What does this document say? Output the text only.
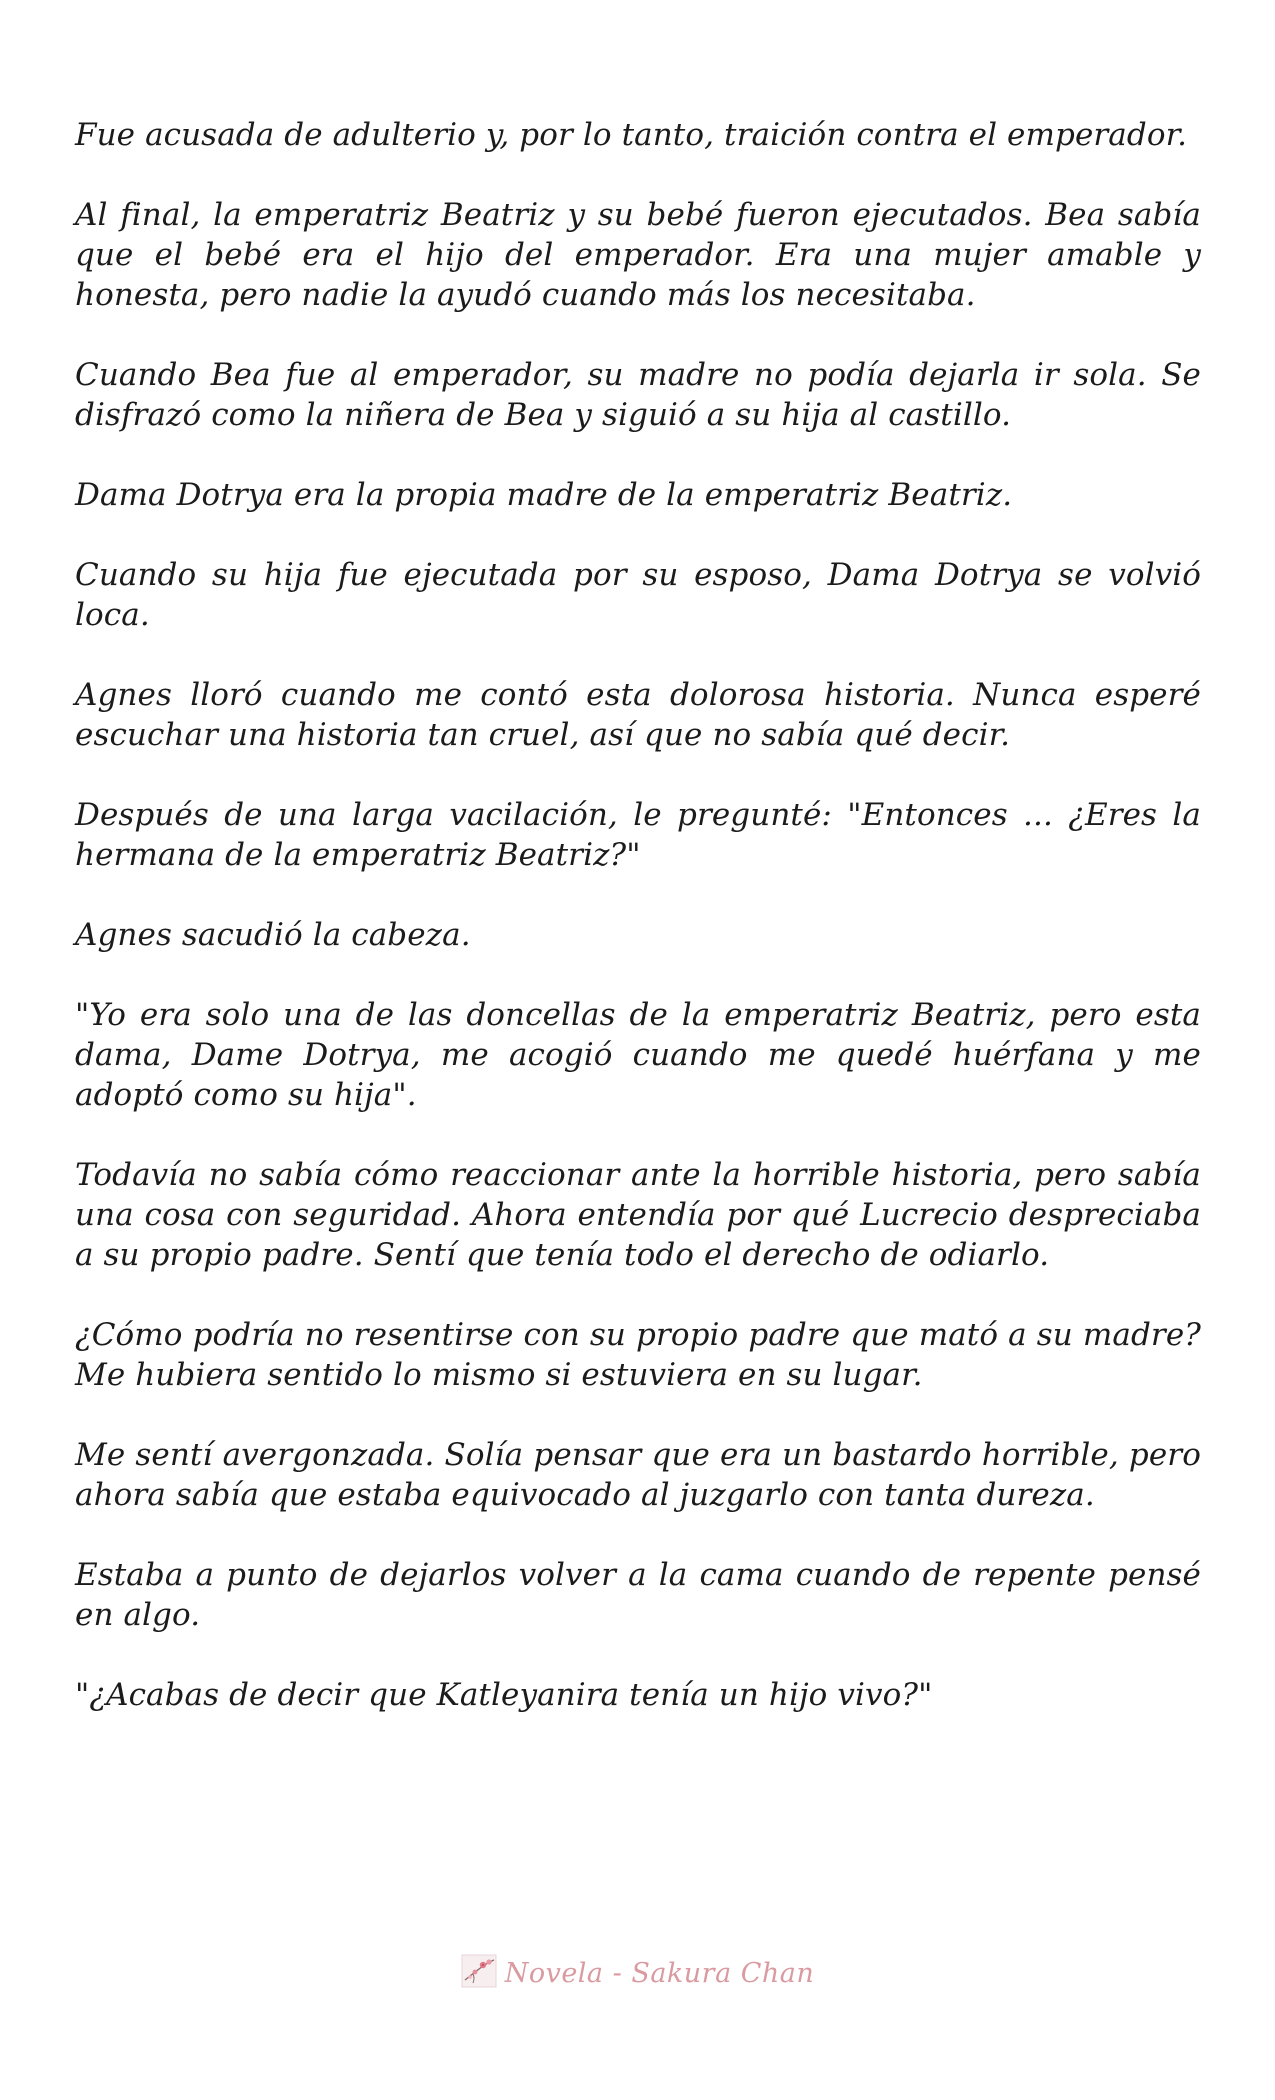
Fue acusada de adulterio y, por lo tanto, traición contra el emperador.

Al final, la emperatriz Beatriz y su bebé fueron ejecutados. Bea sabía que el bebé era el hijo del emperador. Era una mujer amable y honesta, pero nadie la ayudó cuando más los necesitaba.

Cuando Bea fue al emperador, su madre no podía dejarla ir sola. Se disfrazó como la niñera de Bea y siguió a su hija al castillo.

Dama Dotrya era la propia madre de la emperatriz Beatriz.

Cuando su hija fue ejecutada por su esposo, Dama Dotrya se volvió loca.

Agnes lloró cuando me contó esta dolorosa historia. Nunca esperé escuchar una historia tan cruel, así que no sabía qué decir.

Después de una larga vacilación, le pregunté: "Entonces ... ¿Eres la hermana de la emperatriz Beatriz?"

Agnes sacudió la cabeza.

"Yo era solo una de las doncellas de la emperatriz Beatriz, pero esta dama, Dame Dotrya, me acogió cuando me quedé huérfana y me adoptó como su hija".

Todavía no sabía cómo reaccionar ante la horrible historia, pero sabía una cosa con seguridad. Ahora entendía por qué Lucrecio despreciaba a su propio padre. Sentí que tenía todo el derecho de odiarlo.

¿Cómo podría no resentirse con su propio padre que mató a su madre? Me hubiera sentido lo mismo si estuviera en su lugar.

Me sentí avergonzada. Solía pensar que era un bastardo horrible, pero ahora sabía que estaba equivocado al juzgarlo con tanta dureza.

Estaba a punto de dejarlos volver a la cama cuando de repente pensé en algo.

"¿Acabas de decir que Katleyanira tenía un hijo vivo?"

Novela - Sakura Chan
